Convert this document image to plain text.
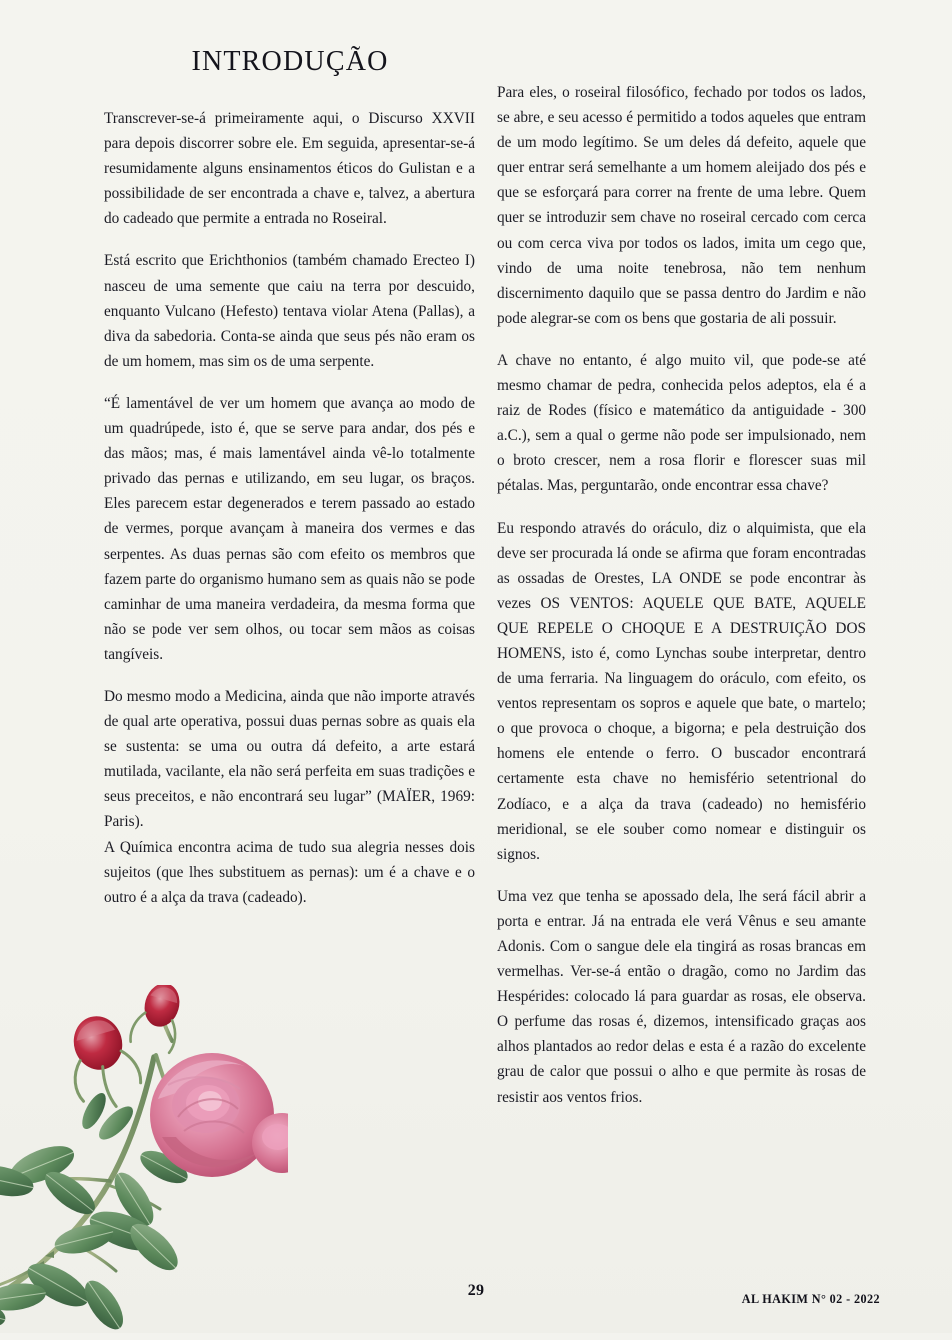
INTRODUÇÃO

Transcrever-se-á primeiramente aqui, o Discurso XXVII para depois discorrer sobre ele. Em seguida, apresentar-se-á resumidamente alguns ensinamentos éticos do Gulistan e a possibilidade de ser encontrada a chave e, talvez, a abertura do cadeado que permite a entrada no Roseiral.

Está escrito que Erichthonios (também chamado Erecteo I) nasceu de uma semente que caiu na terra por descuido, enquanto Vulcano (Hefesto) tentava violar Atena (Pallas), a diva da sabedoria. Conta-se ainda que seus pés não eram os de um homem, mas sim os de uma serpente.

“É lamentável de ver um homem que avança ao modo de um quadrúpede, isto é, que se serve para andar, dos pés e das mãos; mas, é mais lamentável ainda vê-lo totalmente privado das pernas e utilizando, em seu lugar, os braços. Eles parecem estar degenerados e terem passado ao estado de vermes, porque avançam à maneira dos vermes e das serpentes. As duas pernas são com efeito os membros que fazem parte do organismo humano sem as quais não se pode caminhar de uma maneira verdadeira, da mesma forma que não se pode ver sem olhos, ou tocar sem mãos as coisas tangíveis.

Do mesmo modo a Medicina, ainda que não importe através de qual arte operativa, possui duas pernas sobre as quais ela se sustenta: se uma ou outra dá defeito, a arte estará mutilada, vacilante, ela não será perfeita em suas tradições e seus preceitos, e não encontrará seu lugar” (MAÏER, 1969: Paris).

A Química encontra acima de tudo sua alegria nesses dois sujeitos (que lhes substituem as pernas): um é a chave e o outro é a alça da trava (cadeado).

Para eles, o roseiral filosófico, fechado por todos os lados, se abre, e seu acesso é permitido a todos aqueles que entram de um modo legítimo. Se um deles dá defeito, aquele que quer entrar será semelhante a um homem aleijado dos pés e que se esforçará para correr na frente de uma lebre. Quem quer se introduzir sem chave no roseiral cercado com cerca ou com cerca viva por todos os lados, imita um cego que, vindo de uma noite tenebrosa, não tem nenhum discernimento daquilo que se passa dentro do Jardim e não pode alegrar-se com os bens que gostaria de ali possuir.

A chave no entanto, é algo muito vil, que pode-se até mesmo chamar de pedra, conhecida pelos adeptos, ela é a raiz de Rodes (físico e matemático da antiguidade - 300 a.C.), sem a qual o germe não pode ser impulsionado, nem o broto crescer, nem a rosa florir e florescer suas mil pétalas. Mas, perguntarão, onde encontrar essa chave?

Eu respondo através do oráculo, diz o alquimista, que ela deve ser procurada lá onde se afirma que foram encontradas as ossadas de Orestes, LA ONDE se pode encontrar às vezes OS VENTOS: AQUELE QUE BATE, AQUELE QUE REPELE O CHOQUE E A DESTRUIÇÃO DOS HOMENS, isto é, como Lynchas soube interpretar, dentro de uma ferraria. Na linguagem do oráculo, com efeito, os ventos representam os sopros e aquele que bate, o martelo; o que provoca o choque, a bigorna; e pela destruição dos homens ele entende o ferro. O buscador encontrará certamente esta chave no hemisfério setentrional do Zodíaco, e a alça da trava (cadeado) no hemisfério meridional, se ele souber como nomear e distinguir os signos.

Uma vez que tenha se apossado dela, lhe será fácil abrir a porta e entrar. Já na entrada ele verá Vênus e seu amante Adonis. Com o sangue dele ela tingirá as rosas brancas em vermelhas. Ver-se-á então o dragão, como no Jardim das Hespérides: colocado lá para guardar as rosas, ele observa. O perfume das rosas é, dizemos, intensificado graças aos alhos plantados ao redor delas e esta é a razão do excelente grau de calor que possui o alho e que permite às rosas de resistir aos ventos frios.

29	AL HAKIM N° 02 - 2022
